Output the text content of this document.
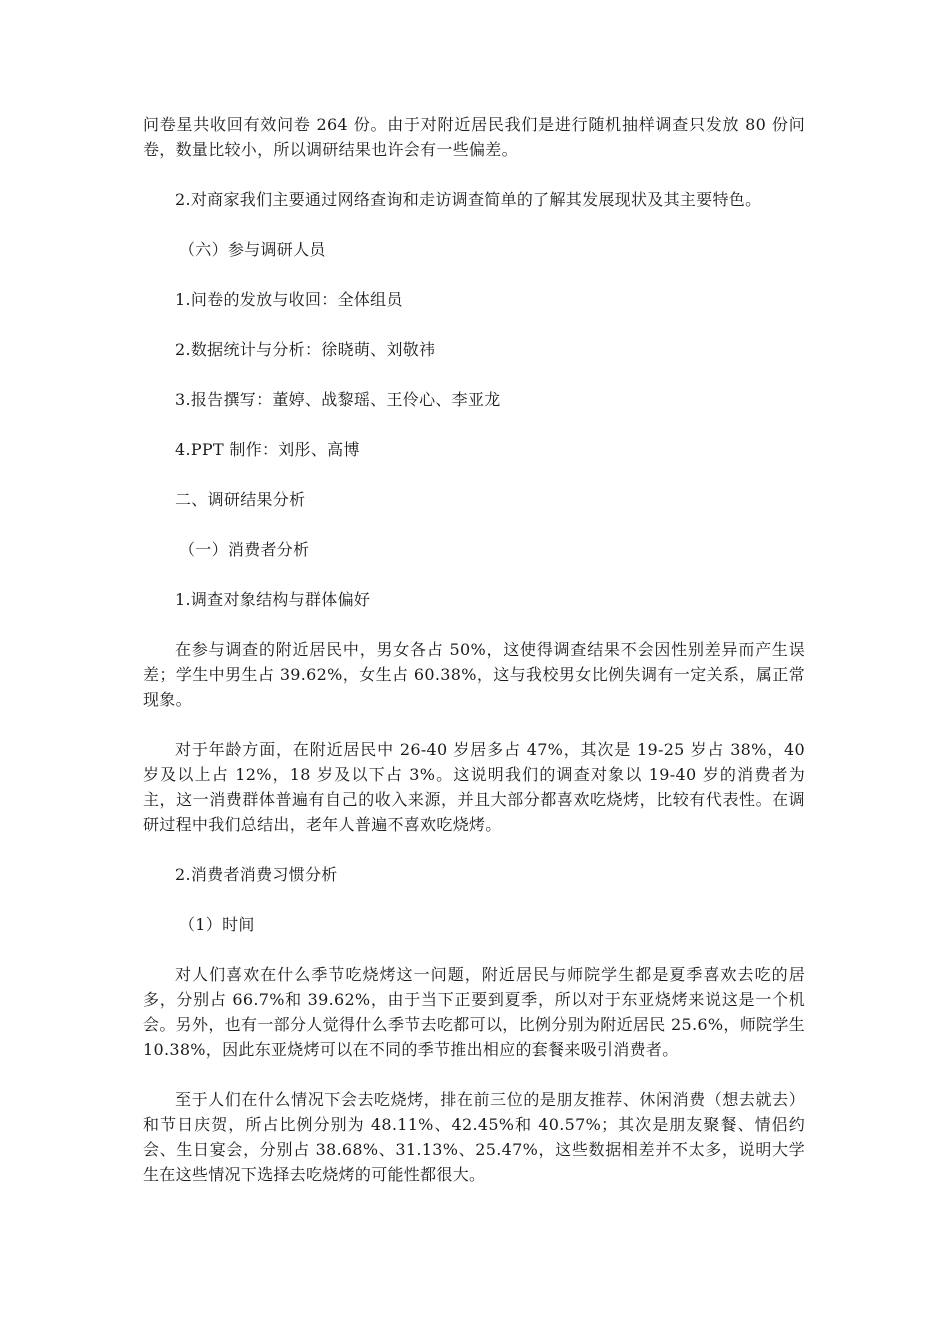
问卷星共收回有效问卷 264 份。由于对附近居民我们是进行随机抽样调查只发放 80 份问卷，数量比较小，所以调研结果也许会有一些偏差。

2.对商家我们主要通过网络查询和走访调查简单的了解其发展现状及其主要特色。

（六）参与调研人员

1.问卷的发放与收回：全体组员

2.数据统计与分析：徐晓萌、刘敬祎

3.报告撰写：董婷、战黎瑶、王伶心、李亚龙

4.PPT 制作：刘彤、高博

二、调研结果分析

（一）消费者分析

1.调查对象结构与群体偏好

在参与调查的附近居民中，男女各占 50%，这使得调查结果不会因性别差异而产生误差；学生中男生占 39.62%，女生占 60.38%，这与我校男女比例失调有一定关系，属正常现象。

对于年龄方面，在附近居民中 26-40 岁居多占 47%，其次是 19-25 岁占 38%，40 岁及以上占 12%，18 岁及以下占 3%。这说明我们的调查对象以 19-40 岁的消费者为主，这一消费群体普遍有自己的收入来源，并且大部分都喜欢吃烧烤，比较有代表性。在调研过程中我们总结出，老年人普遍不喜欢吃烧烤。

2.消费者消费习惯分析

（1）时间

对人们喜欢在什么季节吃烧烤这一问题，附近居民与师院学生都是夏季喜欢去吃的居多，分别占 66.7%和 39.62%，由于当下正要到夏季，所以对于东亚烧烤来说这是一个机会。另外，也有一部分人觉得什么季节去吃都可以，比例分别为附近居民 25.6%，师院学生 10.38%，因此东亚烧烤可以在不同的季节推出相应的套餐来吸引消费者。

至于人们在什么情况下会去吃烧烤，排在前三位的是朋友推荐、休闲消费（想去就去）和节日庆贺，所占比例分别为 48.11%、42.45%和 40.57%；其次是朋友聚餐、情侣约会、生日宴会，分别占 38.68%、31.13%、25.47%，这些数据相差并不太多，说明大学生在这些情况下选择去吃烧烤的可能性都很大。
